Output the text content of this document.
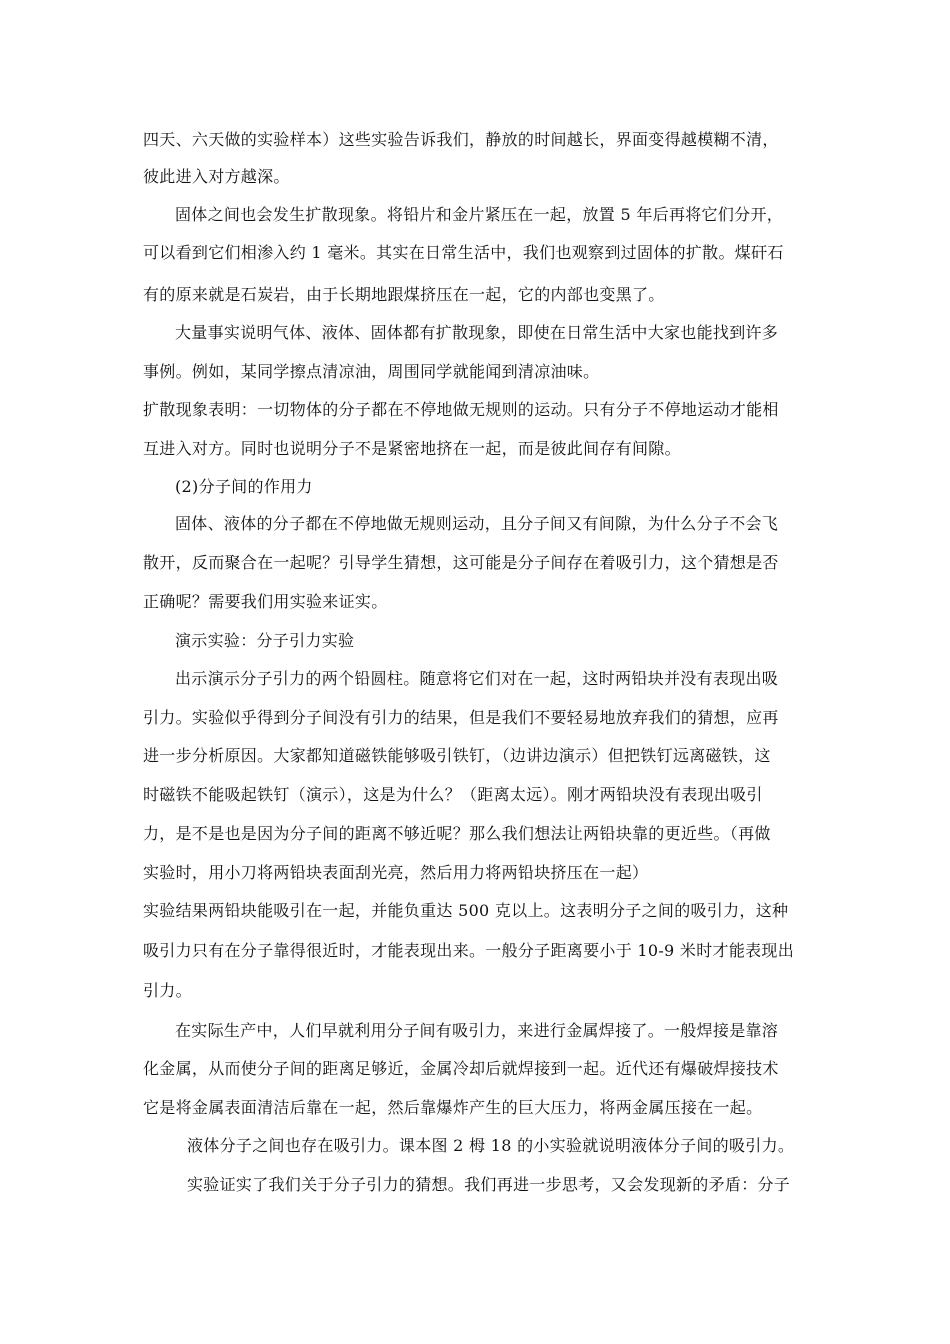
四天、六天做的实验样本）这些实验告诉我们，静放的时间越长，界面变得越模糊不清，
彼此进入对方越深。
固体之间也会发生扩散现象。将铅片和金片紧压在一起，放置 5 年后再将它们分开，
可以看到它们相渗入约 1 毫米。其实在日常生活中，我们也观察到过固体的扩散。煤矸石
有的原来就是石炭岩，由于长期地跟煤挤压在一起，它的内部也变黑了。
大量事实说明气体、液体、固体都有扩散现象，即使在日常生活中大家也能找到许多
事例。例如，某同学擦点清凉油，周围同学就能闻到清凉油味。
扩散现象表明：一切物体的分子都在不停地做无规则的运动。只有分子不停地运动才能相
互进入对方。同时也说明分子不是紧密地挤在一起，而是彼此间存有间隙。
(2)分子间的作用力
固体、液体的分子都在不停地做无规则运动，且分子间又有间隙，为什么分子不会飞
散开，反而聚合在一起呢？引导学生猜想，这可能是分子间存在着吸引力，这个猜想是否
正确呢？需要我们用实验来证实。
演示实验：分子引力实验
出示演示分子引力的两个铅圆柱。随意将它们对在一起，这时两铅块并没有表现出吸
引力。实验似乎得到分子间没有引力的结果，但是我们不要轻易地放弃我们的猜想，应再
进一步分析原因。大家都知道磁铁能够吸引铁钉，（边讲边演示）但把铁钉远离磁铁，这
时磁铁不能吸起铁钉（演示），这是为什么？（距离太远）。刚才两铅块没有表现出吸引
力，是不是也是因为分子间的距离不够近呢？那么我们想法让两铅块靠的更近些。（再做
实验时，用小刀将两铅块表面刮光亮，然后用力将两铅块挤压在一起）
实验结果两铅块能吸引在一起，并能负重达 500 克以上。这表明分子之间的吸引力，这种
吸引力只有在分子靠得很近时，才能表现出来。一般分子距离要小于 10-9 米时才能表现出
引力。
在实际生产中，人们早就利用分子间有吸引力，来进行金属焊接了。一般焊接是靠溶
化金属，从而使分子间的距离足够近，金属冷却后就焊接到一起。近代还有爆破焊接技术
它是将金属表面清洁后靠在一起，然后靠爆炸产生的巨大压力，将两金属压接在一起。
液体分子之间也存在吸引力。课本图 2 栂 18 的小实验就说明液体分子间的吸引力。
实验证实了我们关于分子引力的猜想。我们再进一步思考，又会发现新的矛盾：分子
